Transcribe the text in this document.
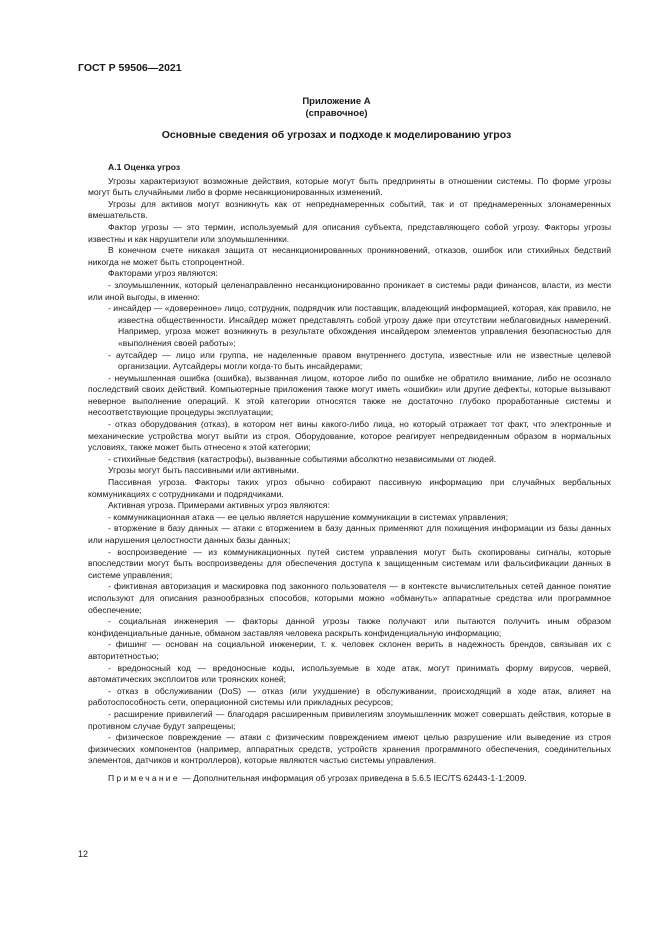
ГОСТ Р 59506—2021
Приложение А
(справочное)
Основные сведения об угрозах и подходе к моделированию угроз
А.1 Оценка угроз

Угрозы характеризуют возможные действия, которые могут быть предприняты в отношении системы. По форме угрозы могут быть случайными либо в форме несанкционированных изменений.

Угрозы для активов могут возникнуть как от непреднамеренных событий, так и от преднамеренных злонамеренных вмешательств.

Фактор угрозы — это термин, используемый для описания субъекта, представляющего собой угрозу. Факторы угрозы известны и как нарушители или злоумышленники.

В конечном счете никакая защита от несанкционированных проникновений, отказов, ошибок или стихийных бедствий никогда не может быть стопроцентной.

Факторами угроз являются:

- злоумышленник, который целенаправленно несанкционированно проникает в системы ради финансов, власти, из мести или иной выгоды, в именно:

- инсайдер — «доверенное» лицо, сотрудник, подрядчик или поставщик, владеющий информацией, которая, как правило, не известна общественности. Инсайдер может представлять собой угрозу даже при отсутствии неблаговидных намерений. Например, угроза может возникнуть в результате обхождения инсайдером элементов управления безопасностью для «выполнения своей работы»;

- аутсайдер — лицо или группа, не наделенные правом внутреннего доступа, известные или не известные целевой организации. Аутсайдеры могли когда-то быть инсайдерами;

- неумышленная ошибка (ошибка), вызванная лицом, которое либо по ошибке не обратило внимание, либо не осознало последствий своих действий. Компьютерные приложения также могут иметь «ошибки» или другие дефекты, которые вызывают неверное выполнение операций. К этой категории относятся также не достаточно глубоко проработанные системы и несоответствующие процедуры эксплуатации;

- отказ оборудования (отказ), в котором нет вины какого-либо лица, но который отражает тот факт, что электронные и механические устройства могут выйти из строя. Оборудование, которое реагирует непредвиденным образом в нормальных условиях, также может быть отнесено к этой категории;

- стихийные бедствия (катастрофы), вызванные событиями абсолютно независимыми от людей.

Угрозы могут быть пассивными или активными.

Пассивная угроза. Факторы таких угроз обычно собирают пассивную информацию при случайных вербальных коммуникациях с сотрудниками и подрядчиками.

Активная угроза. Примерами активных угроз являются:

- коммуникационная атака — ее целью является нарушение коммуникации в системах управления;

- вторжение в базу данных — атаки с вторжением в базу данных применяют для похищения информации из базы данных или нарушения целостности данных базы данных;

- воспроизведение — из коммуникационных путей систем управления могут быть скопированы сигналы, которые впоследствии могут быть воспроизведены для обеспечения доступа к защищенным системам или фальсификации данных в системе управления;

- фиктивная авторизация и маскировка под законного пользователя — в контексте вычислительных сетей данное понятие используют для описания разнообразных способов, которыми можно «обмануть» аппаратные средства или программное обеспечение;

- социальная инженерия — факторы данной угрозы также получают или пытаются получить иным образом конфиденциальные данные, обманом заставляя человека раскрыть конфиденциальную информацию;

- фишинг — основан на социальной инженерии, т. к. человек склонен верить в надежность брендов, связывая их с авторитетностью;

- вредоносный код — вредоносные коды, используемые в ходе атак, могут принимать форму вирусов, червей, автоматических эксплоитов или троянских коней;

- отказ в обслуживании (DoS) — отказ (или ухудшение) в обслуживании, происходящий в ходе атак, влияет на работоспособность сети, операционной системы или прикладных ресурсов;

- расширение привилегий — благодаря расширенным привилегиям злоумышленник может совершать действия, которые в противном случае будут запрещены;

- физическое повреждение — атаки с физическим повреждением имеют целью разрушение или выведение из строя физических компонентов (например, аппаратных средств, устройств хранения программного обеспечения, соединительных элементов, датчиков и контроллеров), которые являются частью системы управления.

Примечание — Дополнительная информация об угрозах приведена в 5.6.5 IEC/TS 62443-1-1:2009.

12
